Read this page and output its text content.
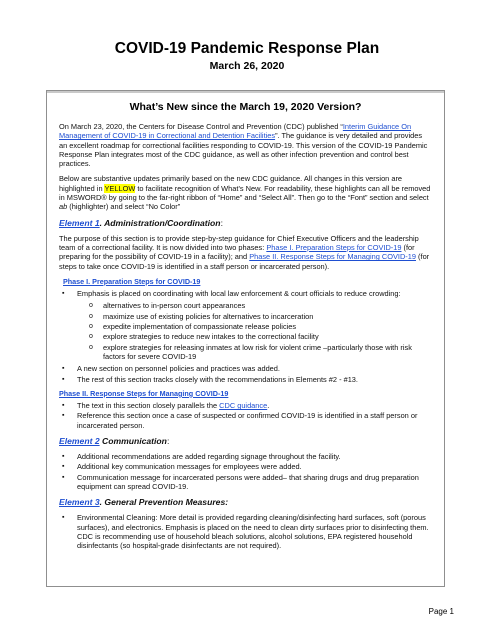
COVID-19 Pandemic Response Plan
March 26, 2020
What’s New since the March 19, 2020 Version?

On March 23, 2020, the Centers for Disease Control and Prevention (CDC) published “Interim Guidance On Management of COVID-19 in Correctional and Detention Facilities”. The guidance is very detailed and provides an excellent roadmap for correctional facilities responding to COVID-19. This version of the COVID-19 Pandemic Response Plan integrates most of the CDC guidance, as well as other infection prevention and control best practices.

Below are substantive updates primarily based on the new CDC guidance. All changes in this version are highlighted in YELLOW to facilitate recognition of What’s New. For readability, these highlights can all be removed in MSWORD® by going to the far-right ribbon of “Home” and “Select All”. Then go to the “Font” section and select ab (highlighter) and select “No Color”

Element 1. Administration/Coordination:

The purpose of this section is to provide step-by-step guidance for Chief Executive Officers and the leadership team of a correctional facility. It is now divided into two phases: Phase I. Preparation Steps for COVID-19 (for preparing for the possibility of COVID-19 in a facility); and Phase II. Response Steps for Managing COVID-19 (for steps to take once COVID-19 is identified in a staff person or incarcerated person).

Phase I. Preparation Steps for COVID-19
▪ Emphasis is placed on coordinating with local law enforcement & court officials to reduce crowding:
o alternatives to in-person court appearances
o maximize use of existing policies for alternatives to incarceration
o expedite implementation of compassionate release policies
o explore strategies to reduce new intakes to the correctional facility
o explore strategies for releasing inmates at low risk for violent crime –particularly those with risk factors for severe COVID-19
▪ A new section on personnel policies and practices was added.
▪ The rest of this section tracks closely with the recommendations in Elements #2 - #13.
Phase II. Response Steps for Managing COVID-19
▪ The text in this section closely parallels the CDC guidance.
▪ Reference this section once a case of suspected or confirmed COVID-19 is identified in a staff person or incarcerated person.
Element 2 Communication:
▪ Additional recommendations are added regarding signage throughout the facility.
▪ Additional key communication messages for employees were added.
▪ Communication message for incarcerated persons were added– that sharing drugs and drug preparation equipment can spread COVID-19.
Element 3. General Prevention Measures:
▪ Environmental Cleaning: More detail is provided regarding cleaning/disinfecting hard surfaces, soft (porous surfaces), and electronics. Emphasis is placed on the need to clean dirty surfaces prior to disinfecting them. CDC is recommending use of household bleach solutions, alcohol solutions, EPA registered household disinfectants (so hospital-grade disinfectants are not required).
Page 1
